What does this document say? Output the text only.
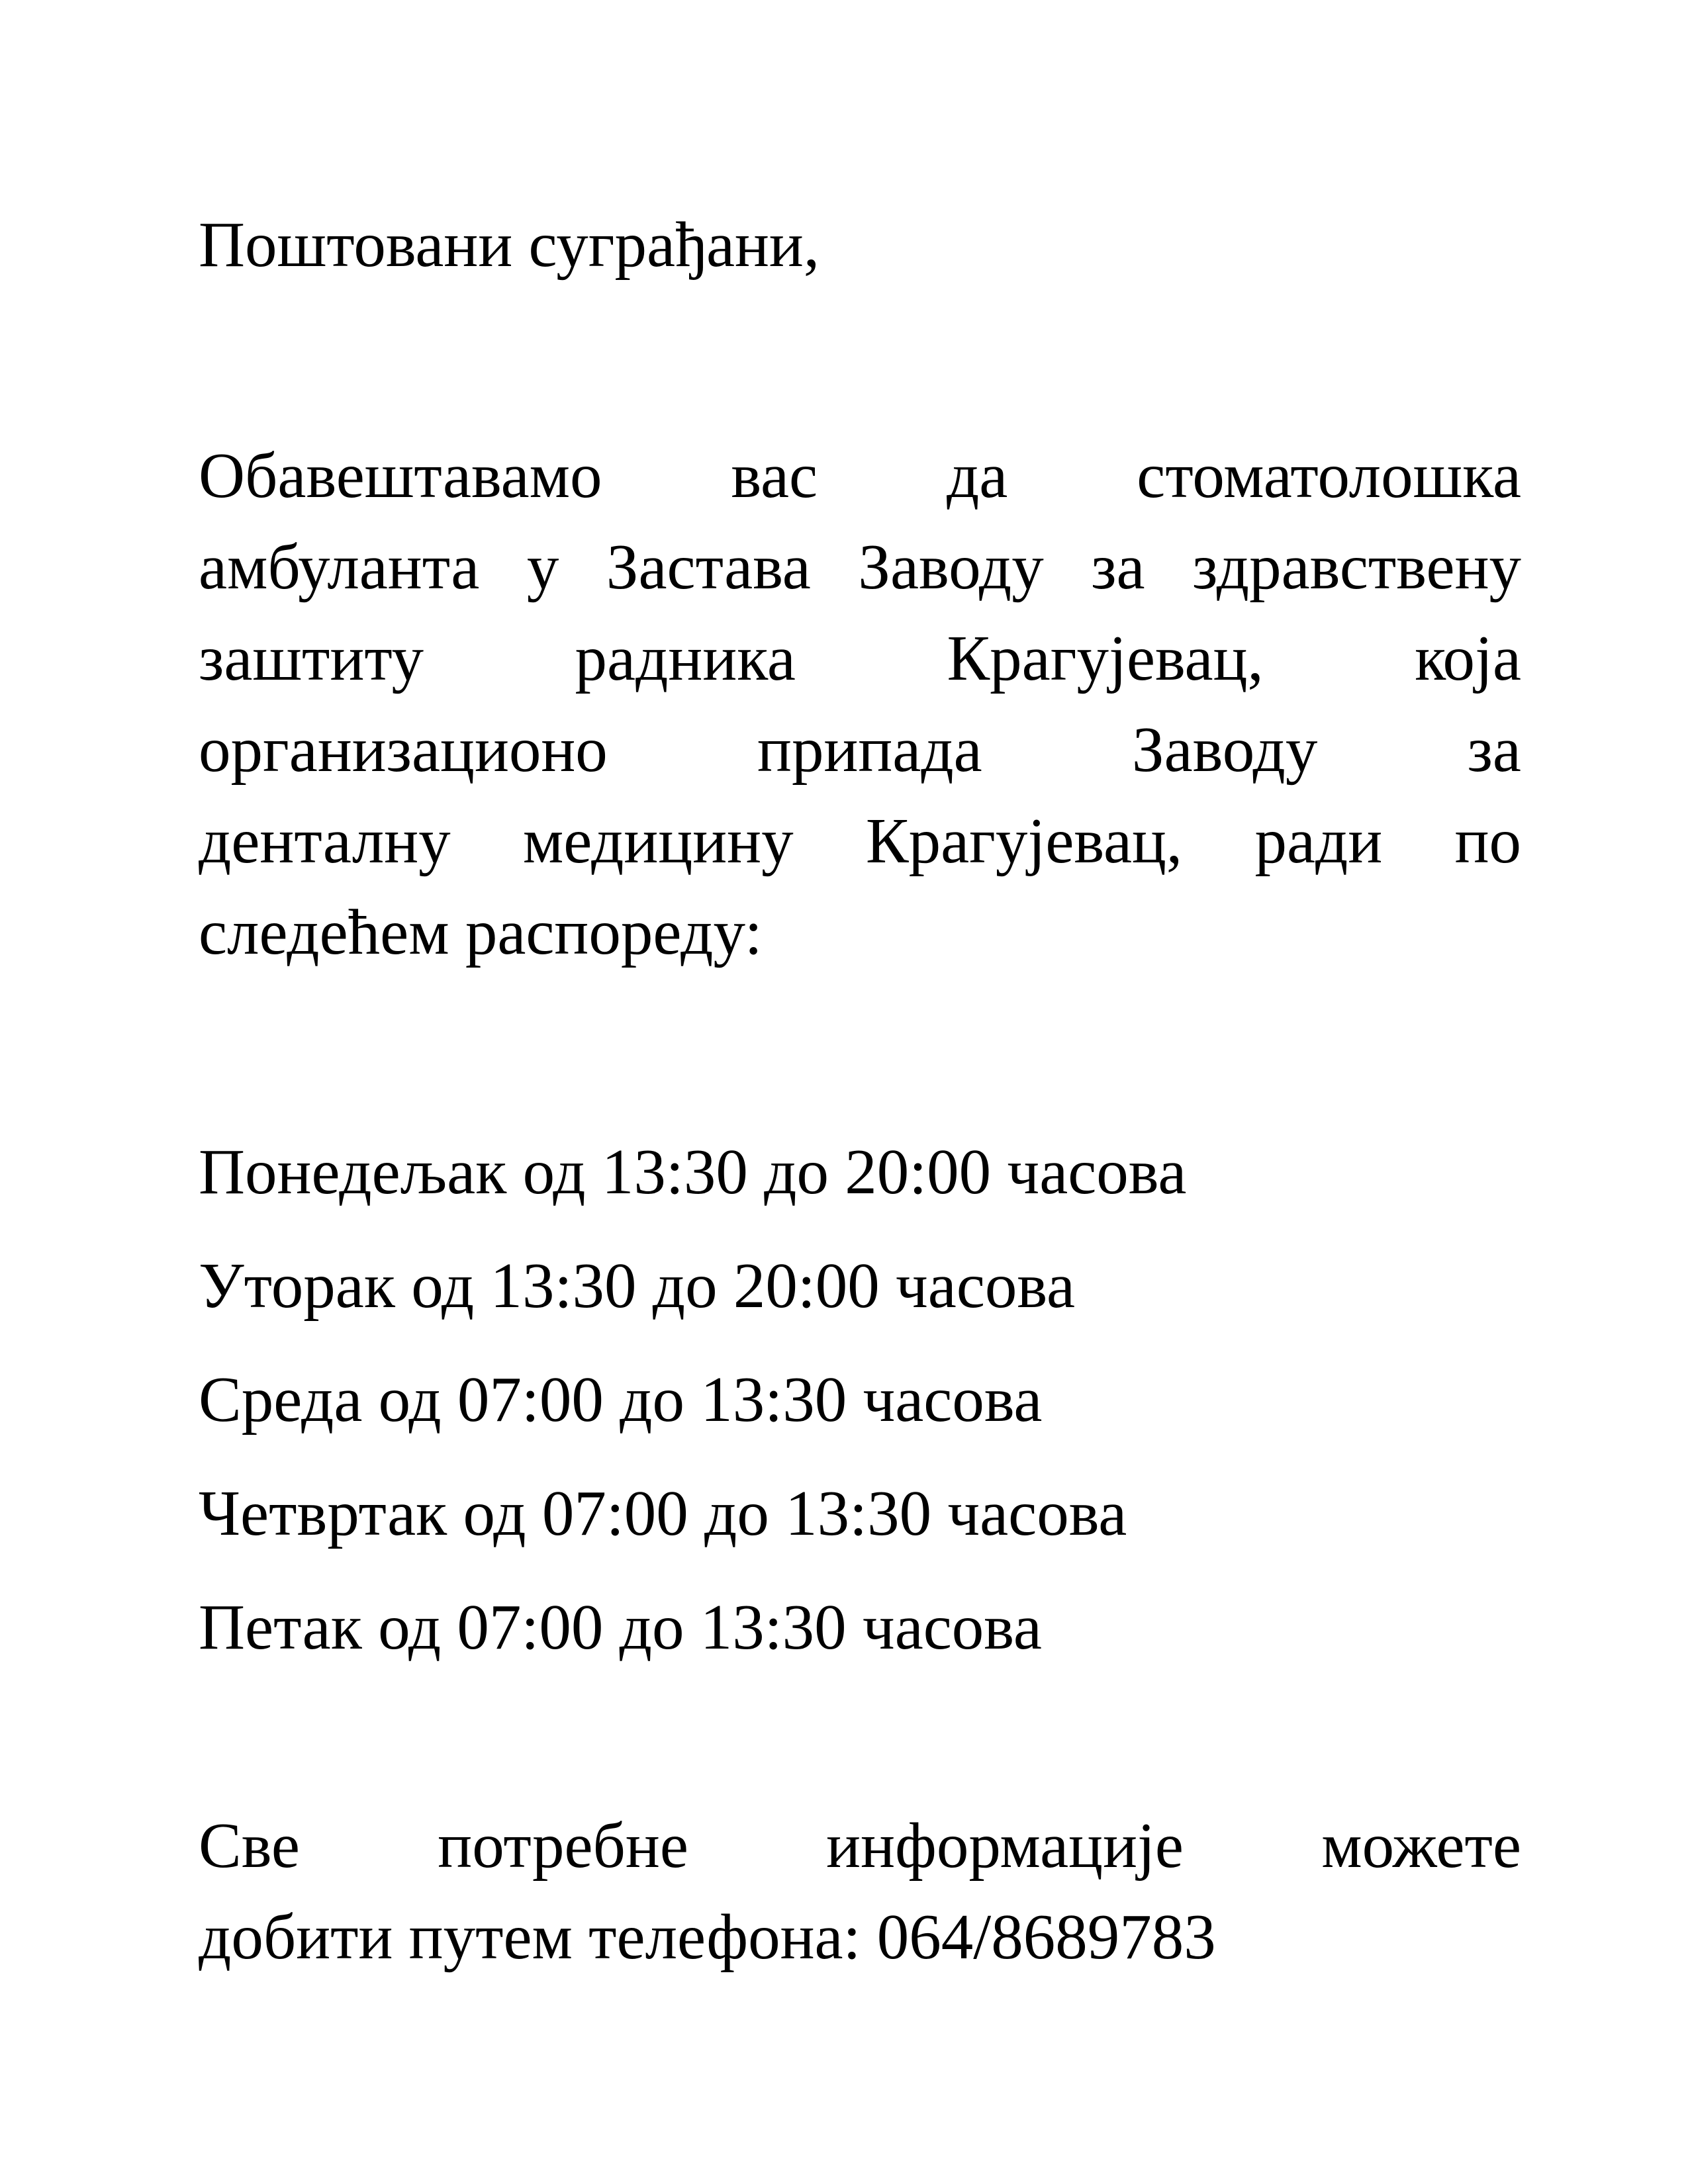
Поштовани суграђани,
Обавештавамо вас да стоматолошка
амбуланта у Застава Заводу за здравствену
заштиту радника Крагујевац, која
организационо припада Заводу за
денталну медицину Крагујевац, ради по
следећем распореду:
Понедељак од 13:30 до 20:00 часова
Уторак од 13:30 до 20:00 часова
Среда од 07:00 до 13:30 часова
Четвртак од 07:00 до 13:30 часова
Петак од 07:00 до 13:30 часова
Све потребне информације можете
добити путем телефона: 064/8689783
